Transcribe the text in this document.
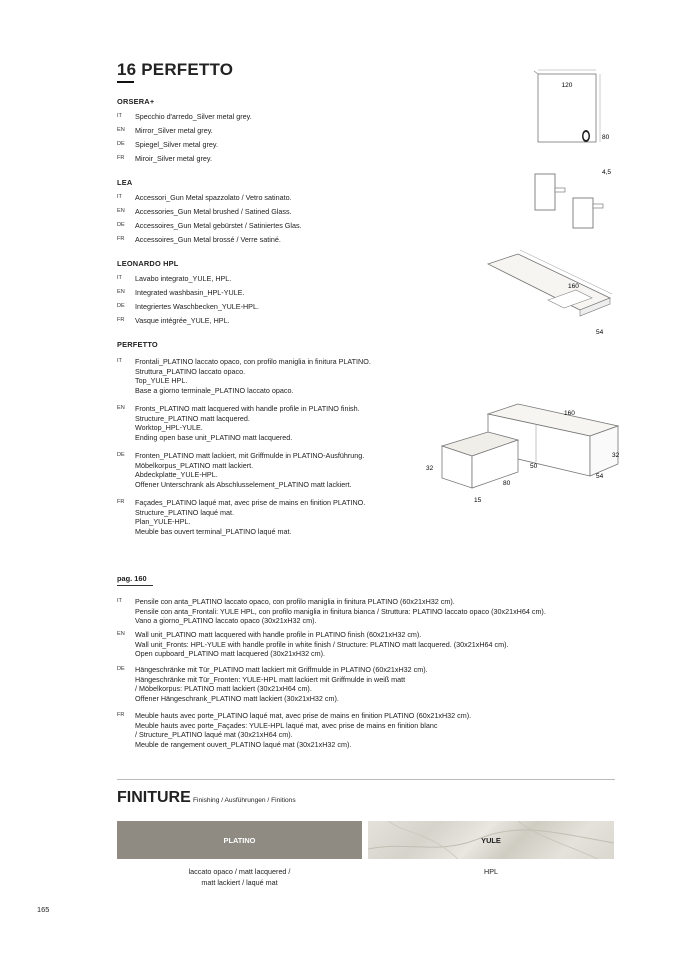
16 PERFETTO
ORSERA+
IT	Specchio d'arredo_Silver metal grey.
EN	Mirror_Silver metal grey.
DE	Spiegel_Silver metal grey.
FR	Miroir_Silver metal grey.
LEA
IT	Accessori_Gun Metal spazzolato / Vetro satinato.
EN	Accessories_Gun Metal brushed / Satined Glass.
DE	Accessoires_Gun Metal gebürstet / Satiniertes Glas.
FR	Accessoires_Gun Metal brossé / Verre satiné.
LEONARDO HPL
IT	Lavabo integrato_YULE, HPL.
EN	Integrated washbasin_HPL-YULE.
DE	Integriertes Waschbecken_YULE-HPL.
FR	Vasque intégrée_YULE, HPL.
PERFETTO
IT	Frontali_PLATINO laccato opaco, con profilo maniglia in finitura PLATINO.
Struttura_PLATINO laccato opaco.
Top_YULE HPL.
Base a giorno terminale_PLATINO laccato opaco.
EN	Fronts_PLATINO matt lacquered with handle profile in PLATINO finish.
Structure_PLATINO matt lacquered.
Worktop_HPL-YULE.
Ending open base unit_PLATINO matt lacquered.
DE	Fronten_PLATINO matt lackiert, mit Griffmulde in PLATINO-Ausführung.
Möbelkorpus_PLATINO matt lackiert.
Abdeckplatte_YULE-HPL.
Offener Unterschrank als Abschlusselement_PLATINO matt lackiert.
FR	Façades_PLATINO laqué mat, avec prise de mains en finition PLATINO.
Structure_PLATINO laqué mat.
Plan_YULE-HPL.
Meuble bas ouvert terminal_PLATINO laqué mat.
pag. 160
IT	Pensile con anta_PLATINO laccato opaco, con profilo maniglia in finitura PLATINO (60x21xH32 cm).
Pensile con anta_Frontali: YULE HPL, con profilo maniglia in finitura bianca / Struttura: PLATINO laccato opaco (30x21xH64 cm).
Vano a giorno_PLATINO laccato opaco (30x21xH32 cm).
EN	Wall unit_PLATINO matt lacquered with handle profile in PLATINO finish (60x21xH32 cm).
Wall unit_Fronts: HPL-YULE with handle profile in white finish / Structure: PLATINO matt lacquered. (30x21xH64 cm).
Open cupboard_PLATINO matt lacquered (30x21xH32 cm).
DE	Hängeschränke mit Tür_PLATINO matt lackiert mit Griffmulde in PLATINO (60x21xH32 cm).
Hängeschränke mit Tür_Fronten: YULE-HPL matt lackiert mit Griffmulde in weiß matt
/ Möbelkorpus: PLATINO matt lackiert (30x21xH64 cm).
Offener Hängeschrank_PLATINO matt lackiert (30x21xH32 cm).
FR	Meuble hauts avec porte_PLATINO laqué mat, avec prise de mains en finition PLATINO (60x21xH32 cm).
Meuble hauts avec porte_Façades: YULE-HPL laqué mat, avec prise de mains en finition blanc
/ Structure_PLATINO laqué mat (30x21xH64 cm).
Meuble de rangement ouvert_PLATINO laqué mat (30x21xH32 cm).
FINITURE Finishing / Ausführungen / Finitions
PLATINO	YULE
laccato opaco / matt lacquered /
matt lackiert / laqué mat
HPL
165
120
80
4,5
160
54
160
32
54
80
50
32
15
